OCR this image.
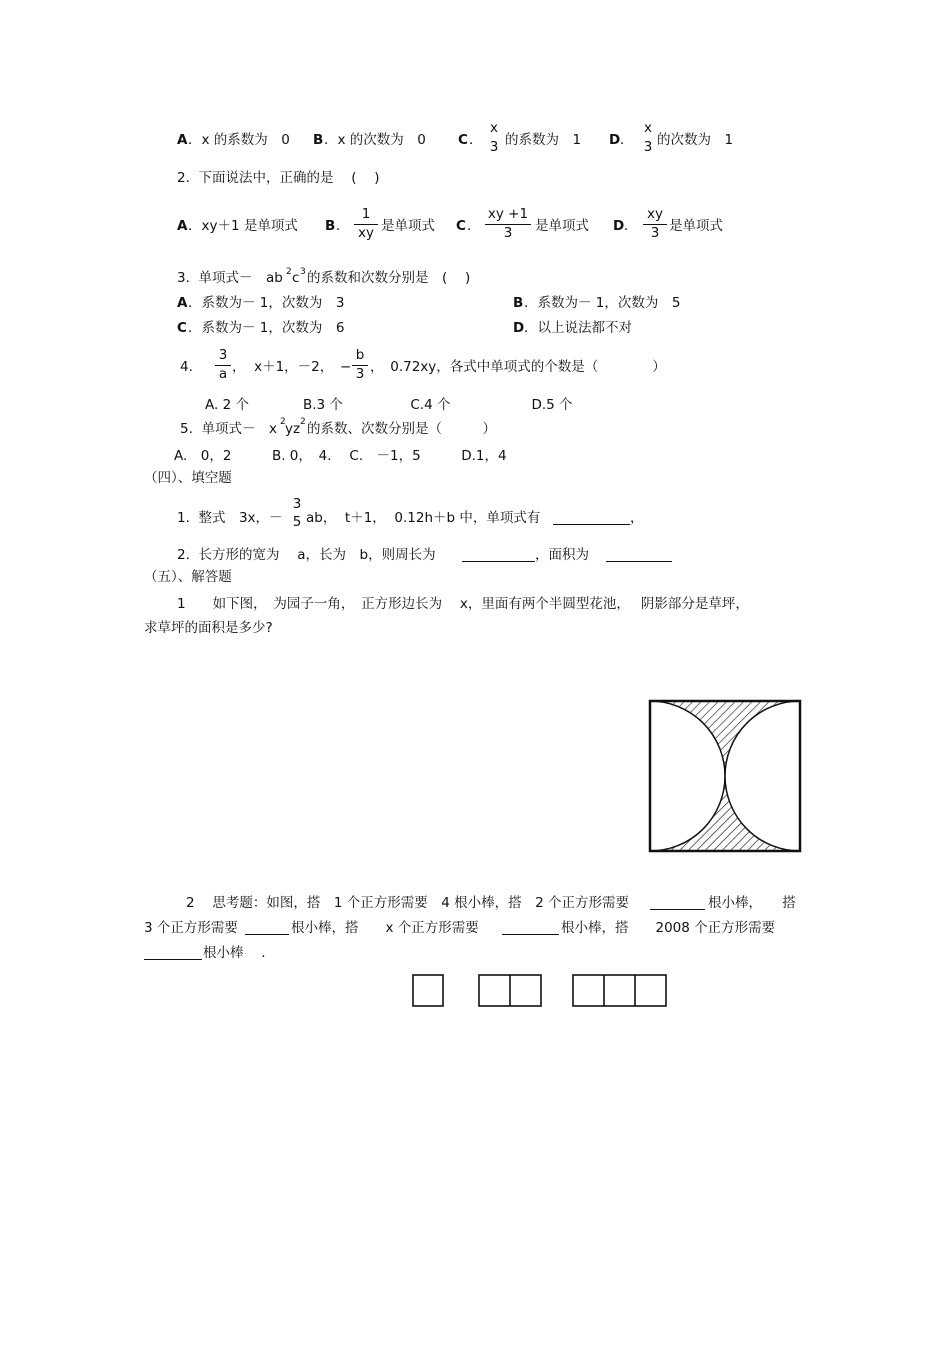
A ．x 的系数为　0 B ．x 的次数为　0 C ．
x
3 的系数为　1 D ．
x
3 的次数为　1
2.  下面说法中，正确的是　 (　 )
A ．xy＋1 是单项式 B ．
1
xy 是单项式 C ．
xy +1
3	是单项式 D ．
xy
3 是单项式
3.  单项式－　ab 2 c 3 的系数和次数分别是　(　 )
A ．系数为－ 1，次数为　3	B ．系数为－ 1，次数为　5
C ．系数为－ 1，次数为　6	D ．以上说法都不对
4.
3
a ，  x＋1，－2， −
b
3 ，　0.72xy，各式中单项式的个数是（　　　　）
A. 2 个　　　　B.3 个　　　　　C.4 个　　　　　　D.5 个
5.  单项式－　x 2 yz 2 的系数、次数分别是（　　　）
A.　0，2　　　B. 0，　4．  C.　－1，5　　　D.1，4
（四）、填空题
1.  整式　3x，－
3
5 ab，  t＋1，  0.12h＋b 中，单项式有	，
2.  长方形的宽为　 a，长为　b，则周长为	，面积为
（五）、解答题
1　　如下图，　为园子一角，　正方形边长为　 x，里面有两个半圆型花池，　 阴影部分是草坪，
求草坪的面积是多少?
2　 思考题：如图，搭　1 个正方形需要　4 根小棒，搭　2 个正方形需要	根小棒，　　搭
3 个正方形需要	根小棒，搭　　x 个正方形需要	根小棒，搭　　2008 个正方形需要
根小棒　 .
